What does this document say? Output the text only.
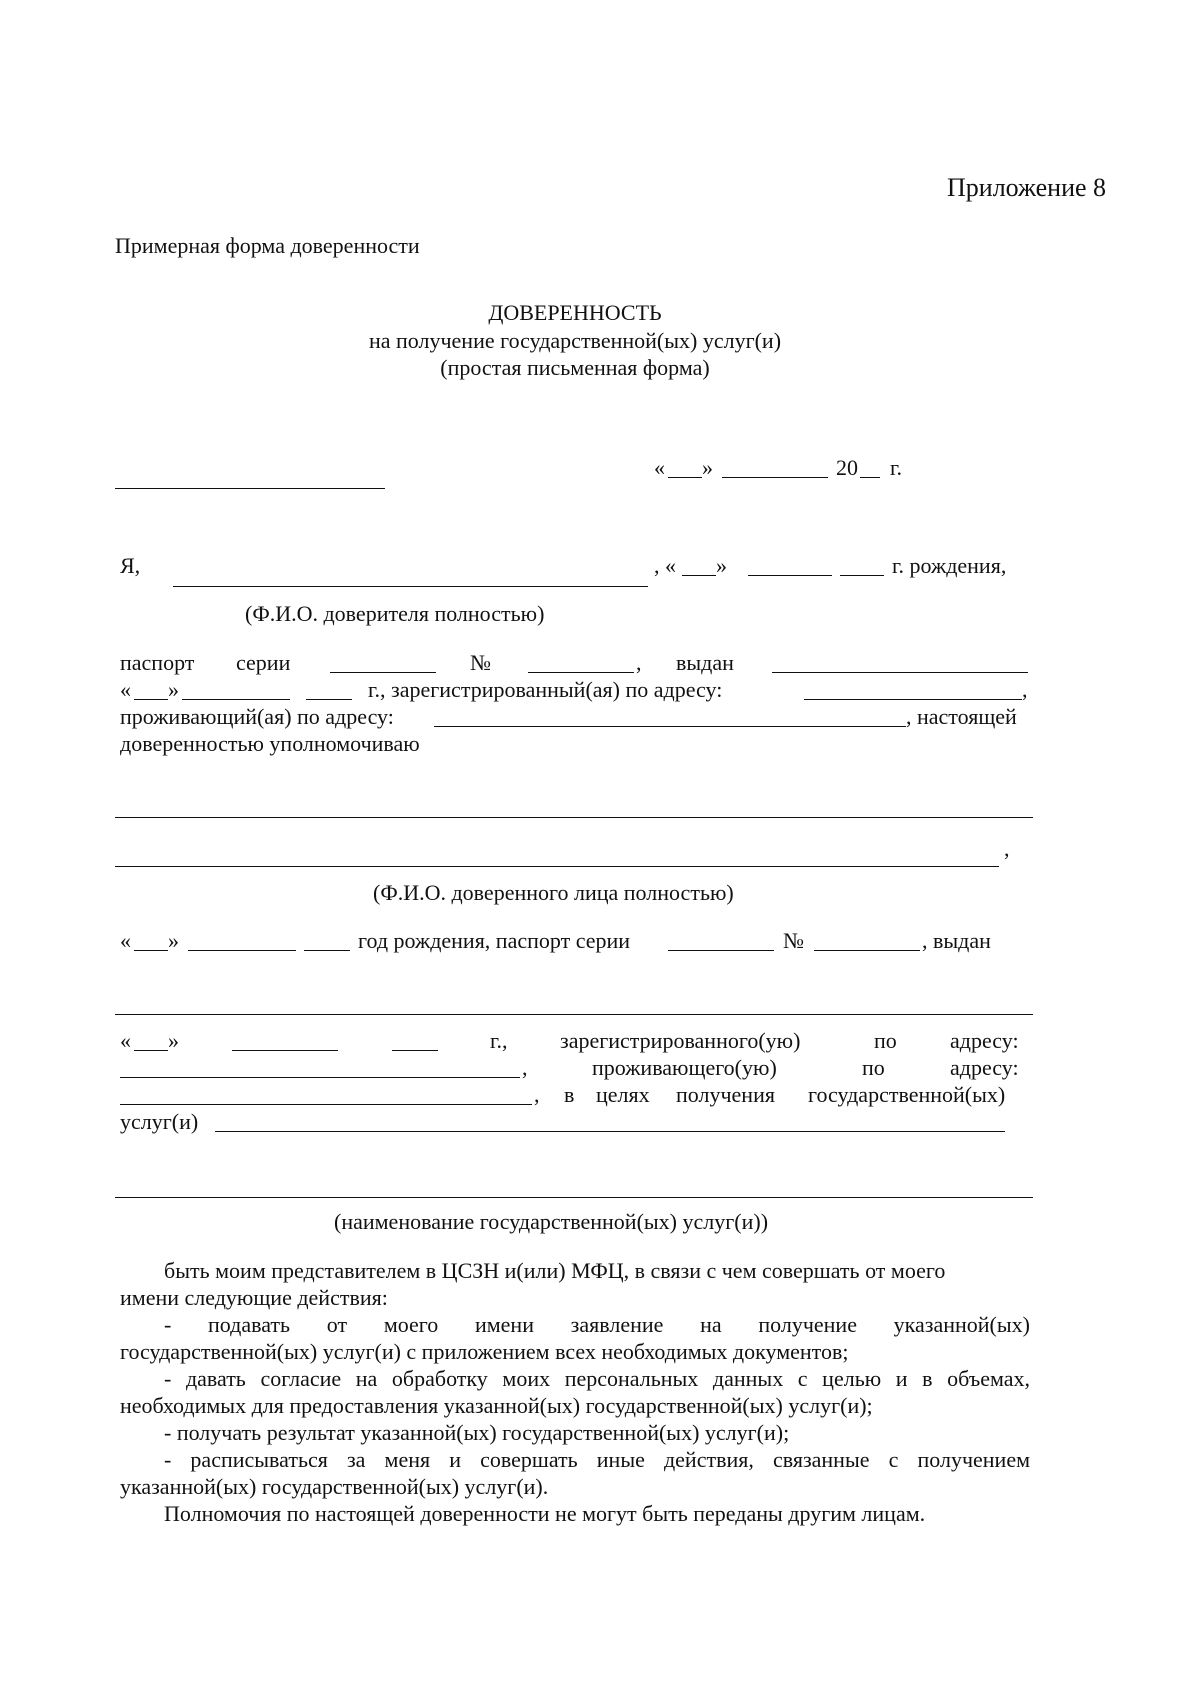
Приложение 8
Примерная форма доверенности
ДОВЕРЕННОСТЬ
на получение государственной(ых) услуг(и)
(простая письменная форма)
« »	20 г.
Я,	, « »	г. рождения,
(Ф.И.О. доверителя полностью)
паспорт серии	№	, выдан
« »	г., зарегистрированный(ая) по адресу:	,
проживающий(ая) по адресу:	, настоящей
доверенностью уполномочиваю
,
(Ф.И.О. доверенного лица полностью)
« »	год рождения, паспорт серии	№	, выдан
« »	г., зарегистрированного(ую)	по адресу:
,	проживающего(ую)	по	адресу:
, в целях получения государственной(ых)
услуг(и)
(наименование государственной(ых) услуг(и))
быть моим представителем в ЦСЗН и(или) МФЦ, в связи с чем совершать от моего
имени следующие действия:
- подавать от моего имени заявление на получение указанной(ых)
государственной(ых) услуг(и) с приложением всех необходимых документов;
- давать согласие на обработку моих персональных данных с целью и в объемах,
необходимых для предоставления указанной(ых) государственной(ых) услуг(и);
- получать результат указанной(ых) государственной(ых) услуг(и);
- расписываться за меня и совершать иные действия, связанные с получением
указанной(ых) государственной(ых) услуг(и).
Полномочия по настоящей доверенности не могут быть переданы другим лицам.
